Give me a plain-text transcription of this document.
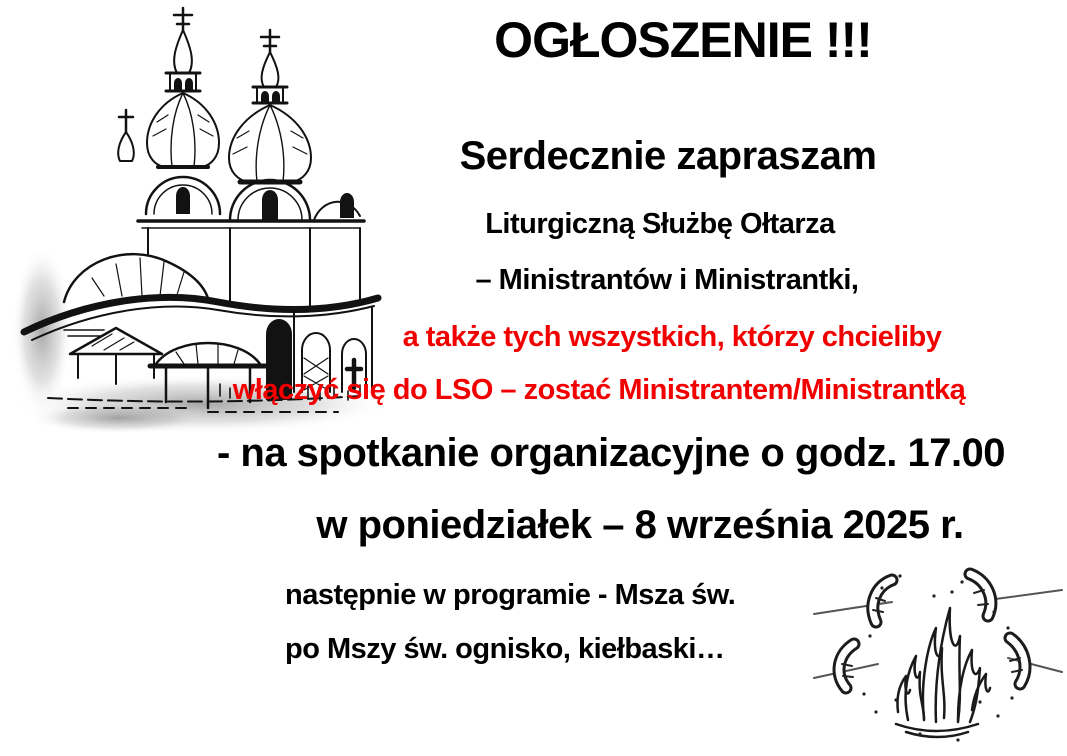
OGŁOSZENIE !!!
Serdecznie zapraszam
Liturgiczną Służbę Ołtarza
– Ministrantów i Ministrantki,
a także tych wszystkich, którzy chcieliby
włączyć się do LSO – zostać Ministrantem/Ministrantką
- na spotkanie organizacyjne o godz. 17.00
w poniedziałek – 8 września 2025 r.
następnie w programie - Msza św.
po Mszy św. ognisko, kiełbaski…
